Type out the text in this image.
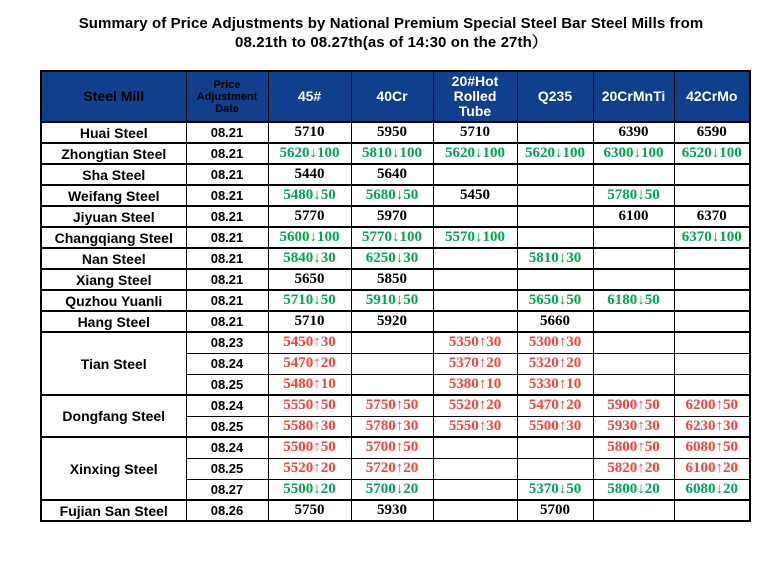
Summary of Price Adjustments by National Premium Special Steel Bar Steel Mills from
08.21th to 08.27th(as of 14:30 on the 27th）
Steel Mill	Price Adjustment Date	45#	40Cr	20#Hot Rolled Tube	Q235	20CrMnTi	42CrMo
Huai Steel	08.21	5710	5950	5710		6390	6590
Zhongtian Steel	08.21	5620↓100	5810↓100	5620↓100	5620↓100	6300↓100	6520↓100
Sha Steel	08.21	5440	5640				
Weifang Steel	08.21	5480↓50	5680↓50	5450		5780↓50	
Jiyuan Steel	08.21	5770	5970			6100	6370
Changqiang Steel	08.21	5600↓100	5770↓100	5570↓100			6370↓100
Nan Steel	08.21	5840↓30	6250↓30		5810↓30		
Xiang Steel	08.21	5650	5850				
Quzhou Yuanli	08.21	5710↓50	5910↓50		5650↓50	6180↓50	
Hang Steel	08.21	5710	5920		5660		
Tian Steel	08.23	5450↑30		5350↑30	5300↑30		
	08.24	5470↑20		5370↑20	5320↑20		
	08.25	5480↑10		5380↑10	5330↑10		
Dongfang Steel	08.24	5550↑50	5750↑50	5520↑20	5470↑20	5900↑50	6200↑50
	08.25	5580↑30	5780↑30	5550↑30	5500↑30	5930↑30	6230↑30
Xinxing Steel	08.24	5500↑50	5700↑50			5800↑50	6080↑50
	08.25	5520↑20	5720↑20			5820↑20	6100↑20
	08.27	5500↓20	5700↓20		5370↓50	5800↓20	6080↓20
Fujian San Steel	08.26	5750	5930		5700		
